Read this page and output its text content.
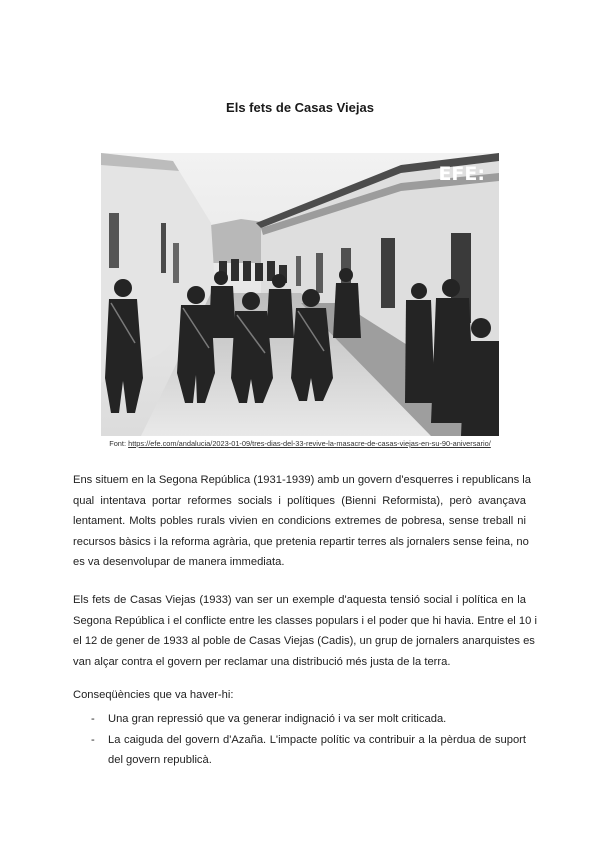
Els fets de Casas Viejas
EFE:
Font: https://efe.com/andalucia/2023-01-09/tres-dias-del-33-revive-la-masacre-de-casas-viejas-en-su-90-aniversario/

Ens situem en la Segona República (1931-1939) amb un govern d'esquerres i republicans la
qual intentava portar reformes socials i polítiques (Bienni Reformista), però avançava
lentament. Molts pobles rurals vivien en condicions extremes de pobresa, sense treball ni
recursos bàsics i la reforma agrària, que pretenia repartir terres als jornalers sense feina, no
es va desenvolupar de manera immediata.

Els fets de Casas Viejas (1933) van ser un exemple d'aquesta tensió social i política en la
Segona República i el conflicte entre les classes populars i el poder que hi havia. Entre el 10 i
el 12 de gener de 1933 al poble de Casas Viejas (Cadis), un grup de jornalers anarquistes es
van alçar contra el govern per reclamar una distribució més justa de la terra.

Conseqüències que va haver-hi:
- Una gran repressió que va generar indignació i va ser molt criticada.
- La caiguda del govern d'Azaña. L'impacte polític va contribuir a la pèrdua de suport
del govern republicà.
